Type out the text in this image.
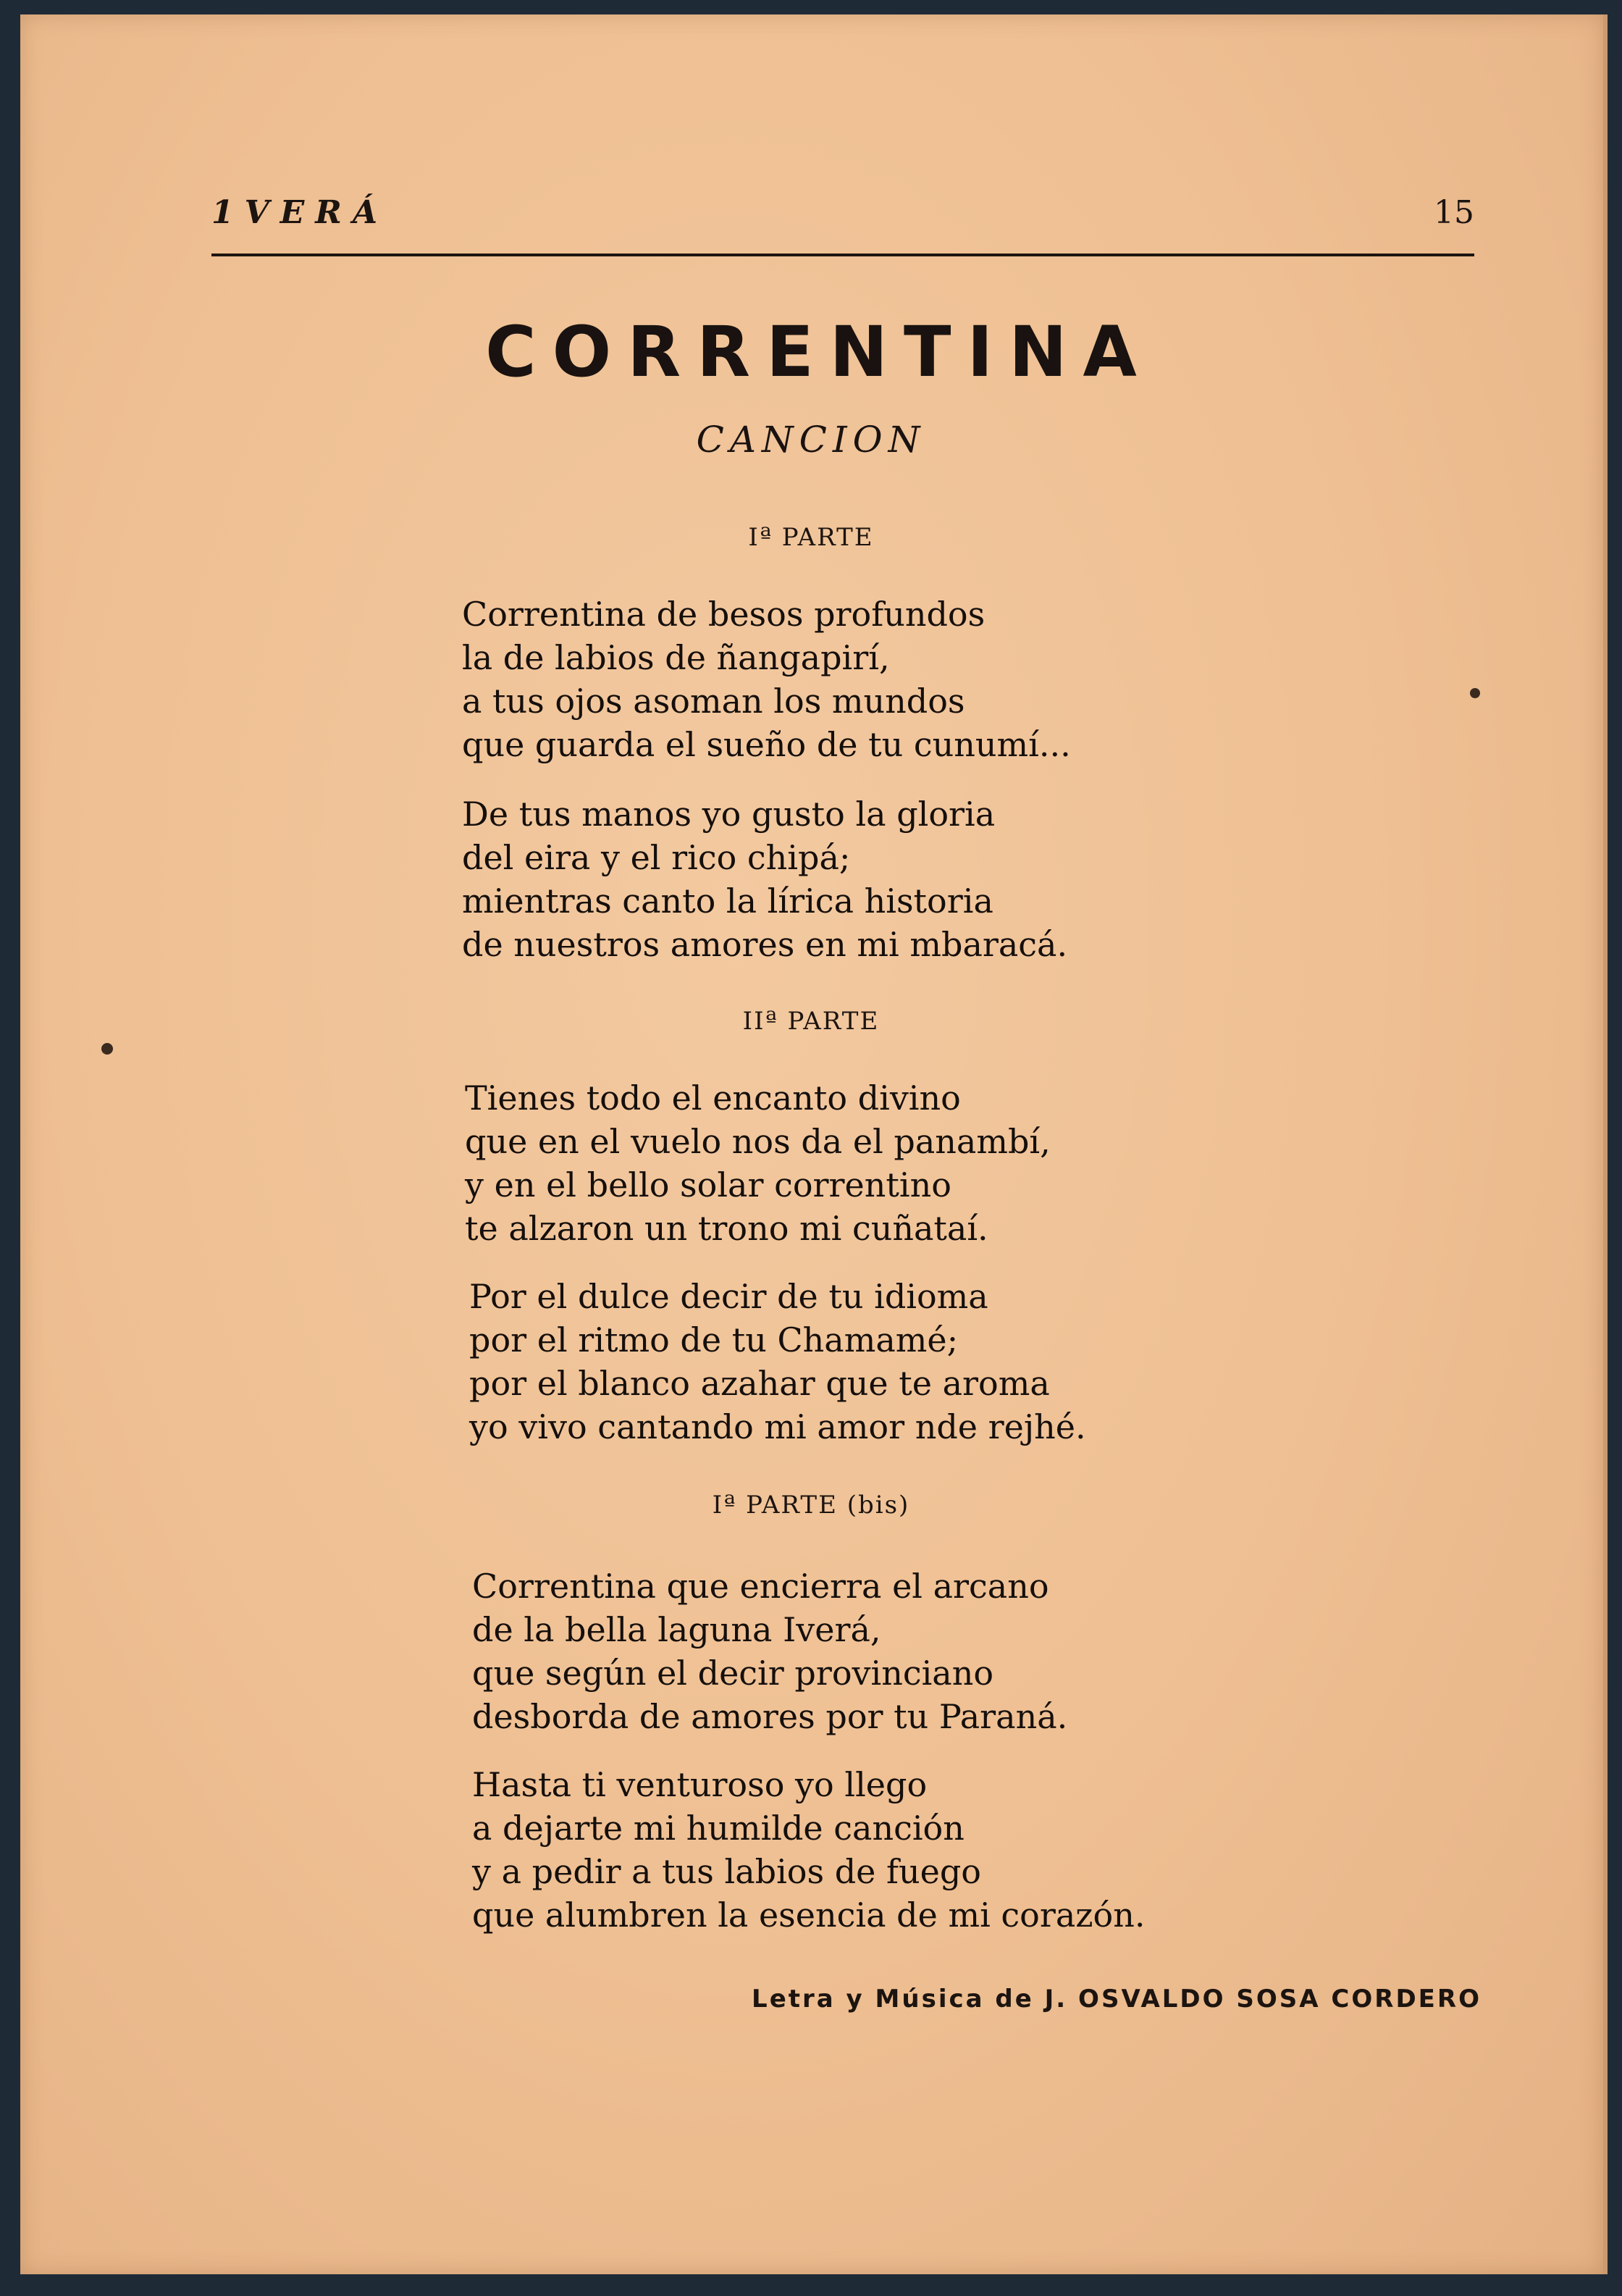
1VERÁ	15
CORRENTINA
CANCION
Iª PARTE
Correntina de besos profundos
la de labios de ñangapirí,
a tus ojos asoman los mundos
que guarda el sueño de tu cunumí...
De tus manos yo gusto la gloria
del eira y el rico chipá;
mientras canto la lírica historia
de nuestros amores en mi mbaracá.
IIª PARTE
Tienes todo el encanto divino
que en el vuelo nos da el panambí,
y en el bello solar correntino
te alzaron un trono mi cuñataí.
Por el dulce decir de tu idioma
por el ritmo de tu Chamamé;
por el blanco azahar que te aroma
yo vivo cantando mi amor nde rejhé.
Iª PARTE (bis)
Correntina que encierra el arcano
de la bella laguna Iverá,
que según el decir provinciano
desborda de amores por tu Paraná.
Hasta ti venturoso yo llego
a dejarte mi humilde canción
y a pedir a tus labios de fuego
que alumbren la esencia de mi corazón.
Letra y Música de J. OSVALDO SOSA CORDERO
